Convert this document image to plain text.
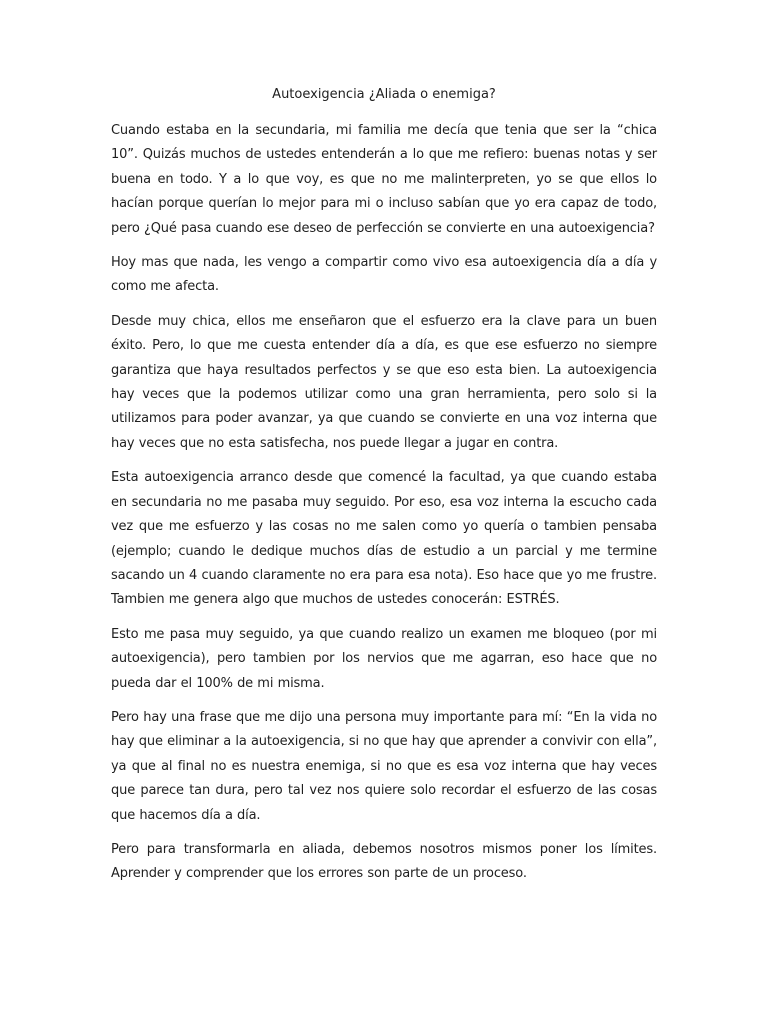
Autoexigencia ¿Aliada o enemiga?

Cuando estaba en la secundaria, mi familia me decía que tenia que ser la “chica 10”. Quizás muchos de ustedes entenderán a lo que me refiero: buenas notas y ser buena en todo. Y a lo que voy, es que no me malinterpreten, yo se que ellos lo hacían porque querían lo mejor para mi o incluso sabían que yo era capaz de todo, pero ¿Qué pasa cuando ese deseo de perfección se convierte en una autoexigencia?

Hoy mas que nada, les vengo a compartir como vivo esa autoexigencia día a día y como me afecta.

Desde muy chica, ellos me enseñaron que el esfuerzo era la clave para un buen éxito. Pero, lo que me cuesta entender día a día, es que ese esfuerzo no siempre garantiza que haya resultados perfectos y se que eso esta bien. La autoexigencia hay veces que la podemos utilizar como una gran herramienta, pero solo si la utilizamos para poder avanzar, ya que cuando se convierte en una voz interna que hay veces que no esta satisfecha, nos puede llegar a jugar en contra.

Esta autoexigencia arranco desde que comencé la facultad, ya que cuando estaba en secundaria no me pasaba muy seguido. Por eso, esa voz interna la escucho cada vez que me esfuerzo y las cosas no me salen como yo quería o tambien pensaba (ejemplo; cuando le dedique muchos días de estudio a un parcial y me termine sacando un 4 cuando claramente no era para esa nota). Eso hace que yo me frustre. Tambien me genera algo que muchos de ustedes conocerán: ESTRÉS.

Esto me pasa muy seguido, ya que cuando realizo un examen me bloqueo (por mi autoexigencia), pero tambien por los nervios que me agarran, eso hace que no pueda dar el 100% de mi misma.

Pero hay una frase que me dijo una persona muy importante para mí: “En la vida no hay que eliminar a la autoexigencia, si no que hay que aprender a convivir con ella”, ya que al final no es nuestra enemiga, si no que es esa voz interna que hay veces que parece tan dura, pero tal vez nos quiere solo recordar el esfuerzo de las cosas que hacemos día a día.

Pero para transformarla en aliada, debemos nosotros mismos poner los límites. Aprender y comprender que los errores son parte de un proceso.
